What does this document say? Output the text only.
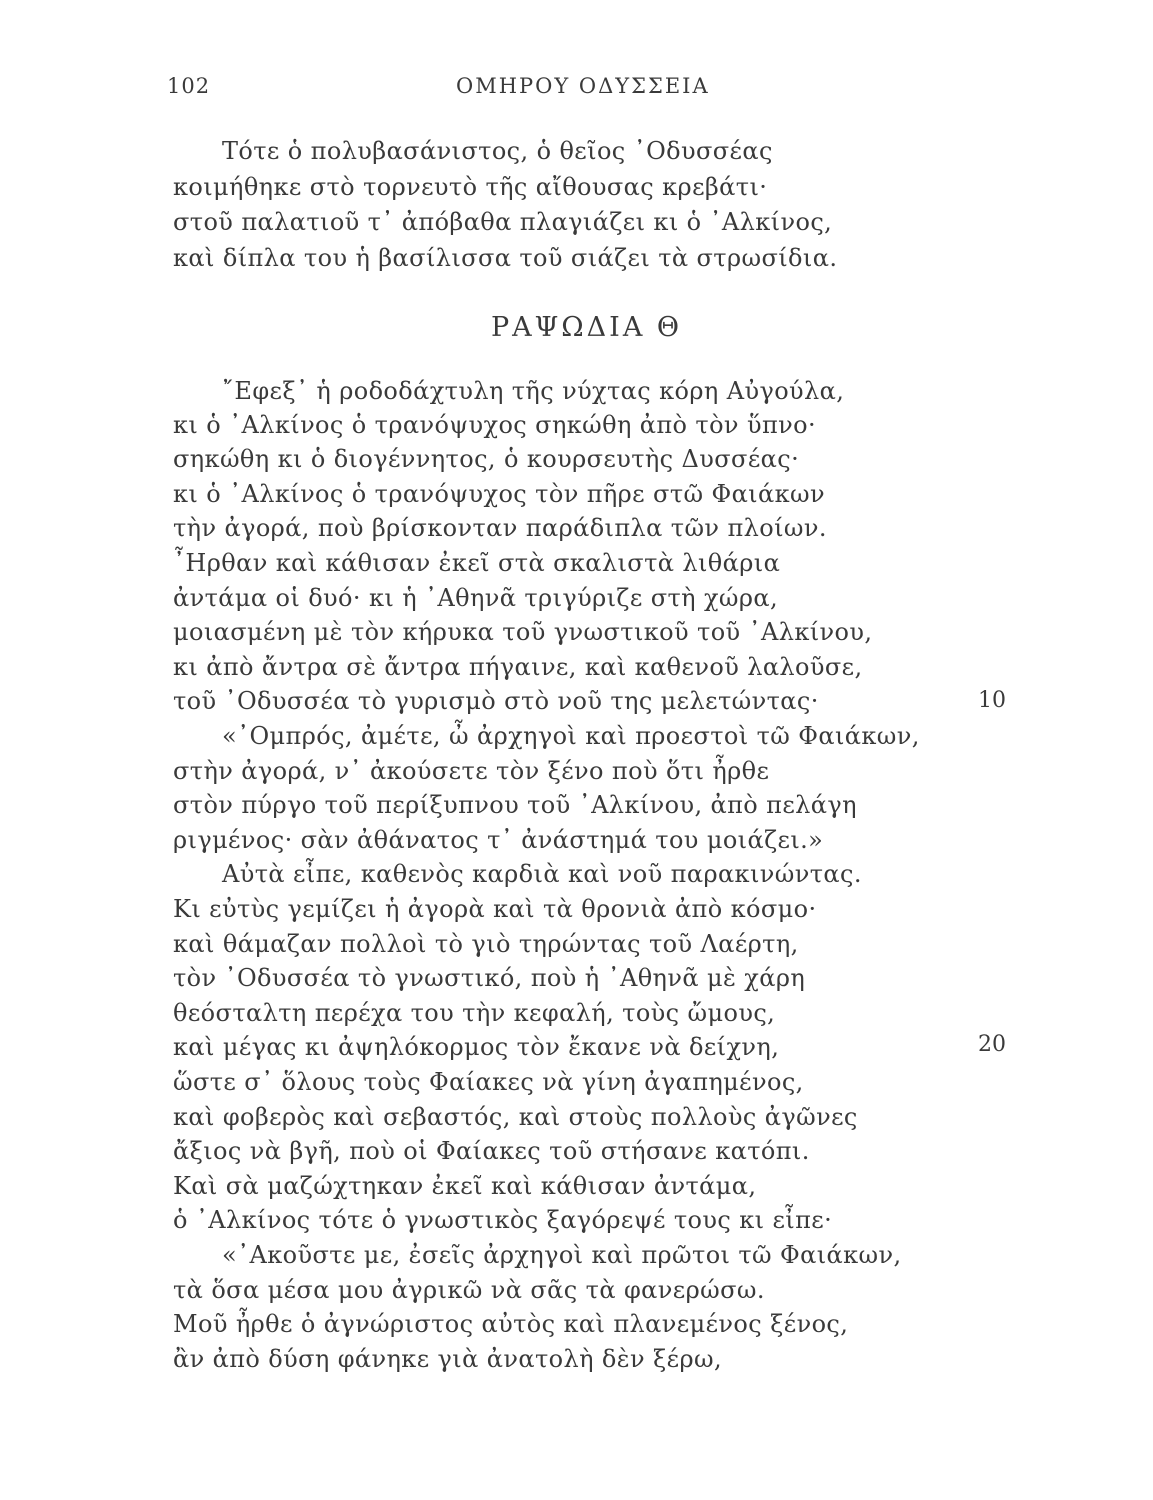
102	ΟΜΗΡΟΥ ΟΔΥΣΣΕΙΑ
Τότε ὁ πολυβασάνιστος, ὁ θεῖος ᾿Οδυσσέας
κοιμήθηκε στὸ τορνευτὸ τῆς αἴθουσας κρεβάτι·
στοῦ παλατιοῦ τ᾿ ἀπόβαθα πλαγιάζει κι ὁ ᾿Αλκίνος,
καὶ δίπλα του ἡ βασίλισσα τοῦ σιάζει τὰ στρωσίδια.
ΡΑΨΩΔΙΑ Θ
῎Εφεξ᾿ ἡ ροδοδάχτυλη τῆς νύχτας κόρη Αὐγούλα,
κι ὁ ᾿Αλκίνος ὁ τρανόψυχος σηκώθη ἀπὸ τὸν ὕπνο·
σηκώθη κι ὁ διογέννητος, ὁ κουρσευτὴς Δυσσέας·
κι ὁ ᾿Αλκίνος ὁ τρανόψυχος τὸν πῆρε στῶ Φαιάκων
τὴν ἀγορά, ποὺ βρίσκονταν παράδιπλα τῶν πλοίων.
῏Ηρθαν καὶ κάθισαν ἐκεῖ στὰ σκαλιστὰ λιθάρια
ἀντάμα οἱ δυό· κι ἡ ᾿Αθηνᾶ τριγύριζε στὴ χώρα,
μοιασμένη μὲ τὸν κήρυκα τοῦ γνωστικοῦ τοῦ ᾿Αλκίνου,
κι ἀπὸ ἄντρα σὲ ἄντρα πήγαινε, καὶ καθενοῦ λαλοῦσε,
τοῦ ᾿Οδυσσέα τὸ γυρισμὸ στὸ νοῦ της μελετώντας·
«᾿Ομπρός, ἀμέτε, ὦ ἀρχηγοὶ καὶ προεστοὶ τῶ Φαιάκων,
στὴν ἀγορά, ν᾿ ἀκούσετε τὸν ξένο ποὺ ὅτι ἦρθε
στὸν πύργο τοῦ περίξυπνου τοῦ ᾿Αλκίνου, ἀπὸ πελάγη
ριγμένος· σὰν ἀθάνατος τ᾿ ἀνάστημά του μοιάζει.»
Αὐτὰ εἶπε, καθενὸς καρδιὰ καὶ νοῦ παρακινώντας.
Κι εὐτὺς γεμίζει ἡ ἀγορὰ καὶ τὰ θρονιὰ ἀπὸ κόσμο·
καὶ θάμαζαν πολλοὶ τὸ γιὸ τηρώντας τοῦ Λαέρτη,
τὸν ᾿Οδυσσέα τὸ γνωστικό, ποὺ ἡ ᾿Αθηνᾶ μὲ χάρη
θεόσταλτη περέχα του τὴν κεφαλή, τοὺς ὤμους,
καὶ μέγας κι ἀψηλόκορμος τὸν ἔκανε νὰ δείχνη,
ὥστε σ᾿ ὅλους τοὺς Φαίακες νὰ γίνη ἀγαπημένος,
καὶ φοβερὸς καὶ σεβαστός, καὶ στοὺς πολλοὺς ἀγῶνες
ἄξιος νὰ βγῆ, ποὺ οἱ Φαίακες τοῦ στήσανε κατόπι.
Καὶ σὰ μαζώχτηκαν ἐκεῖ καὶ κάθισαν ἀντάμα,
ὁ ᾿Αλκίνος τότε ὁ γνωστικὸς ξαγόρεψέ τους κι εἶπε·
«᾿Ακοῦστε με, ἐσεῖς ἀρχηγοὶ καὶ πρῶτοι τῶ Φαιάκων,
τὰ ὅσα μέσα μου ἀγρικῶ νὰ σᾶς τὰ φανερώσω.
Μοῦ ἦρθε ὁ ἀγνώριστος αὐτὸς καὶ πλανεμένος ξένος,
ἂν ἀπὸ δύση φάνηκε γιὰ ἀνατολὴ δὲν ξέρω,
10
20
